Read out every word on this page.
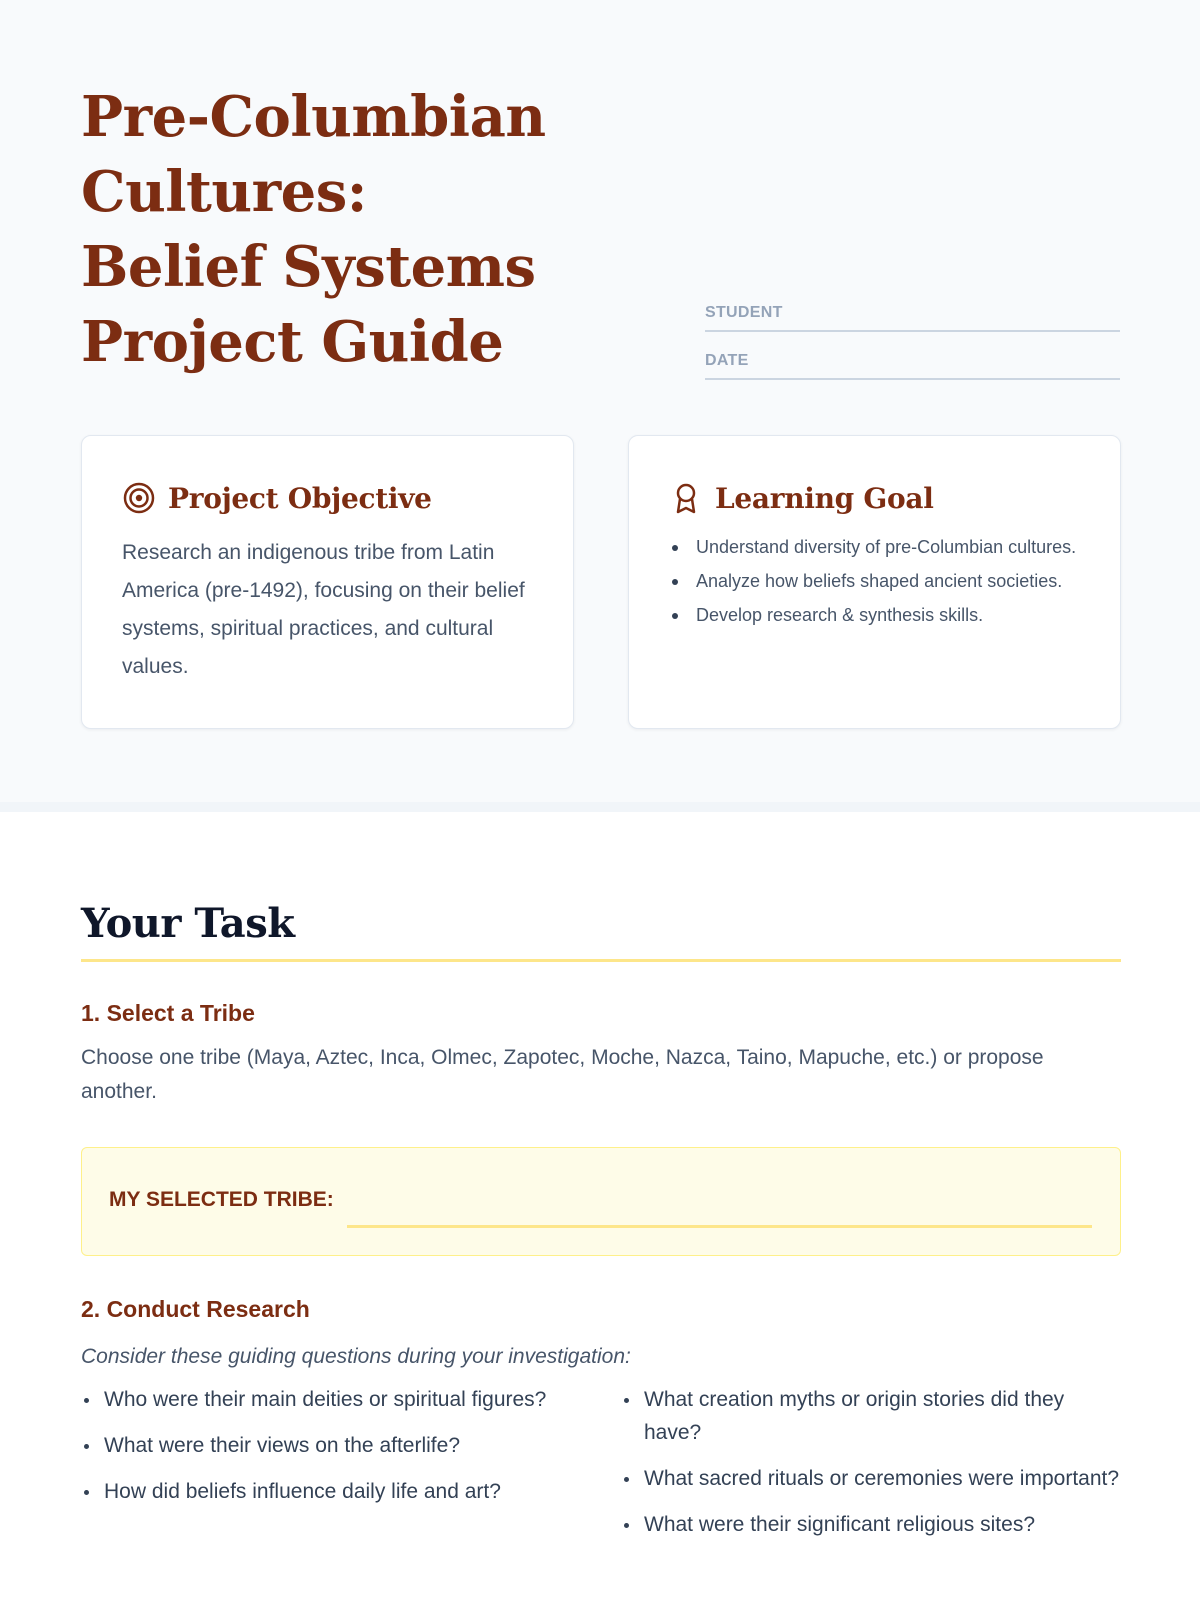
Pre-Columbian Cultures:
Belief Systems Project Guide	STUDENT
DATE
Project Objective

Research an indigenous tribe from Latin America (pre-1492), focusing on their belief systems, spiritual practices, and cultural values.

Learning Goal
Understand diversity of pre-Columbian cultures.
Analyze how beliefs shaped ancient societies.
Develop research & synthesis skills.
Your Task
1. Select a Tribe

Choose one tribe (Maya, Aztec, Inca, Olmec, Zapotec, Moche, Nazca, Taino, Mapuche, etc.) or propose another.

MY SELECTED TRIBE:
2. Conduct Research

Consider these guiding questions during your investigation:

Who were their main deities or spiritual figures?
What were their views on the afterlife?
How did beliefs influence daily life and art?
What creation myths or origin stories did they have?
What sacred rituals or ceremonies were important?
What were their significant religious sites?
